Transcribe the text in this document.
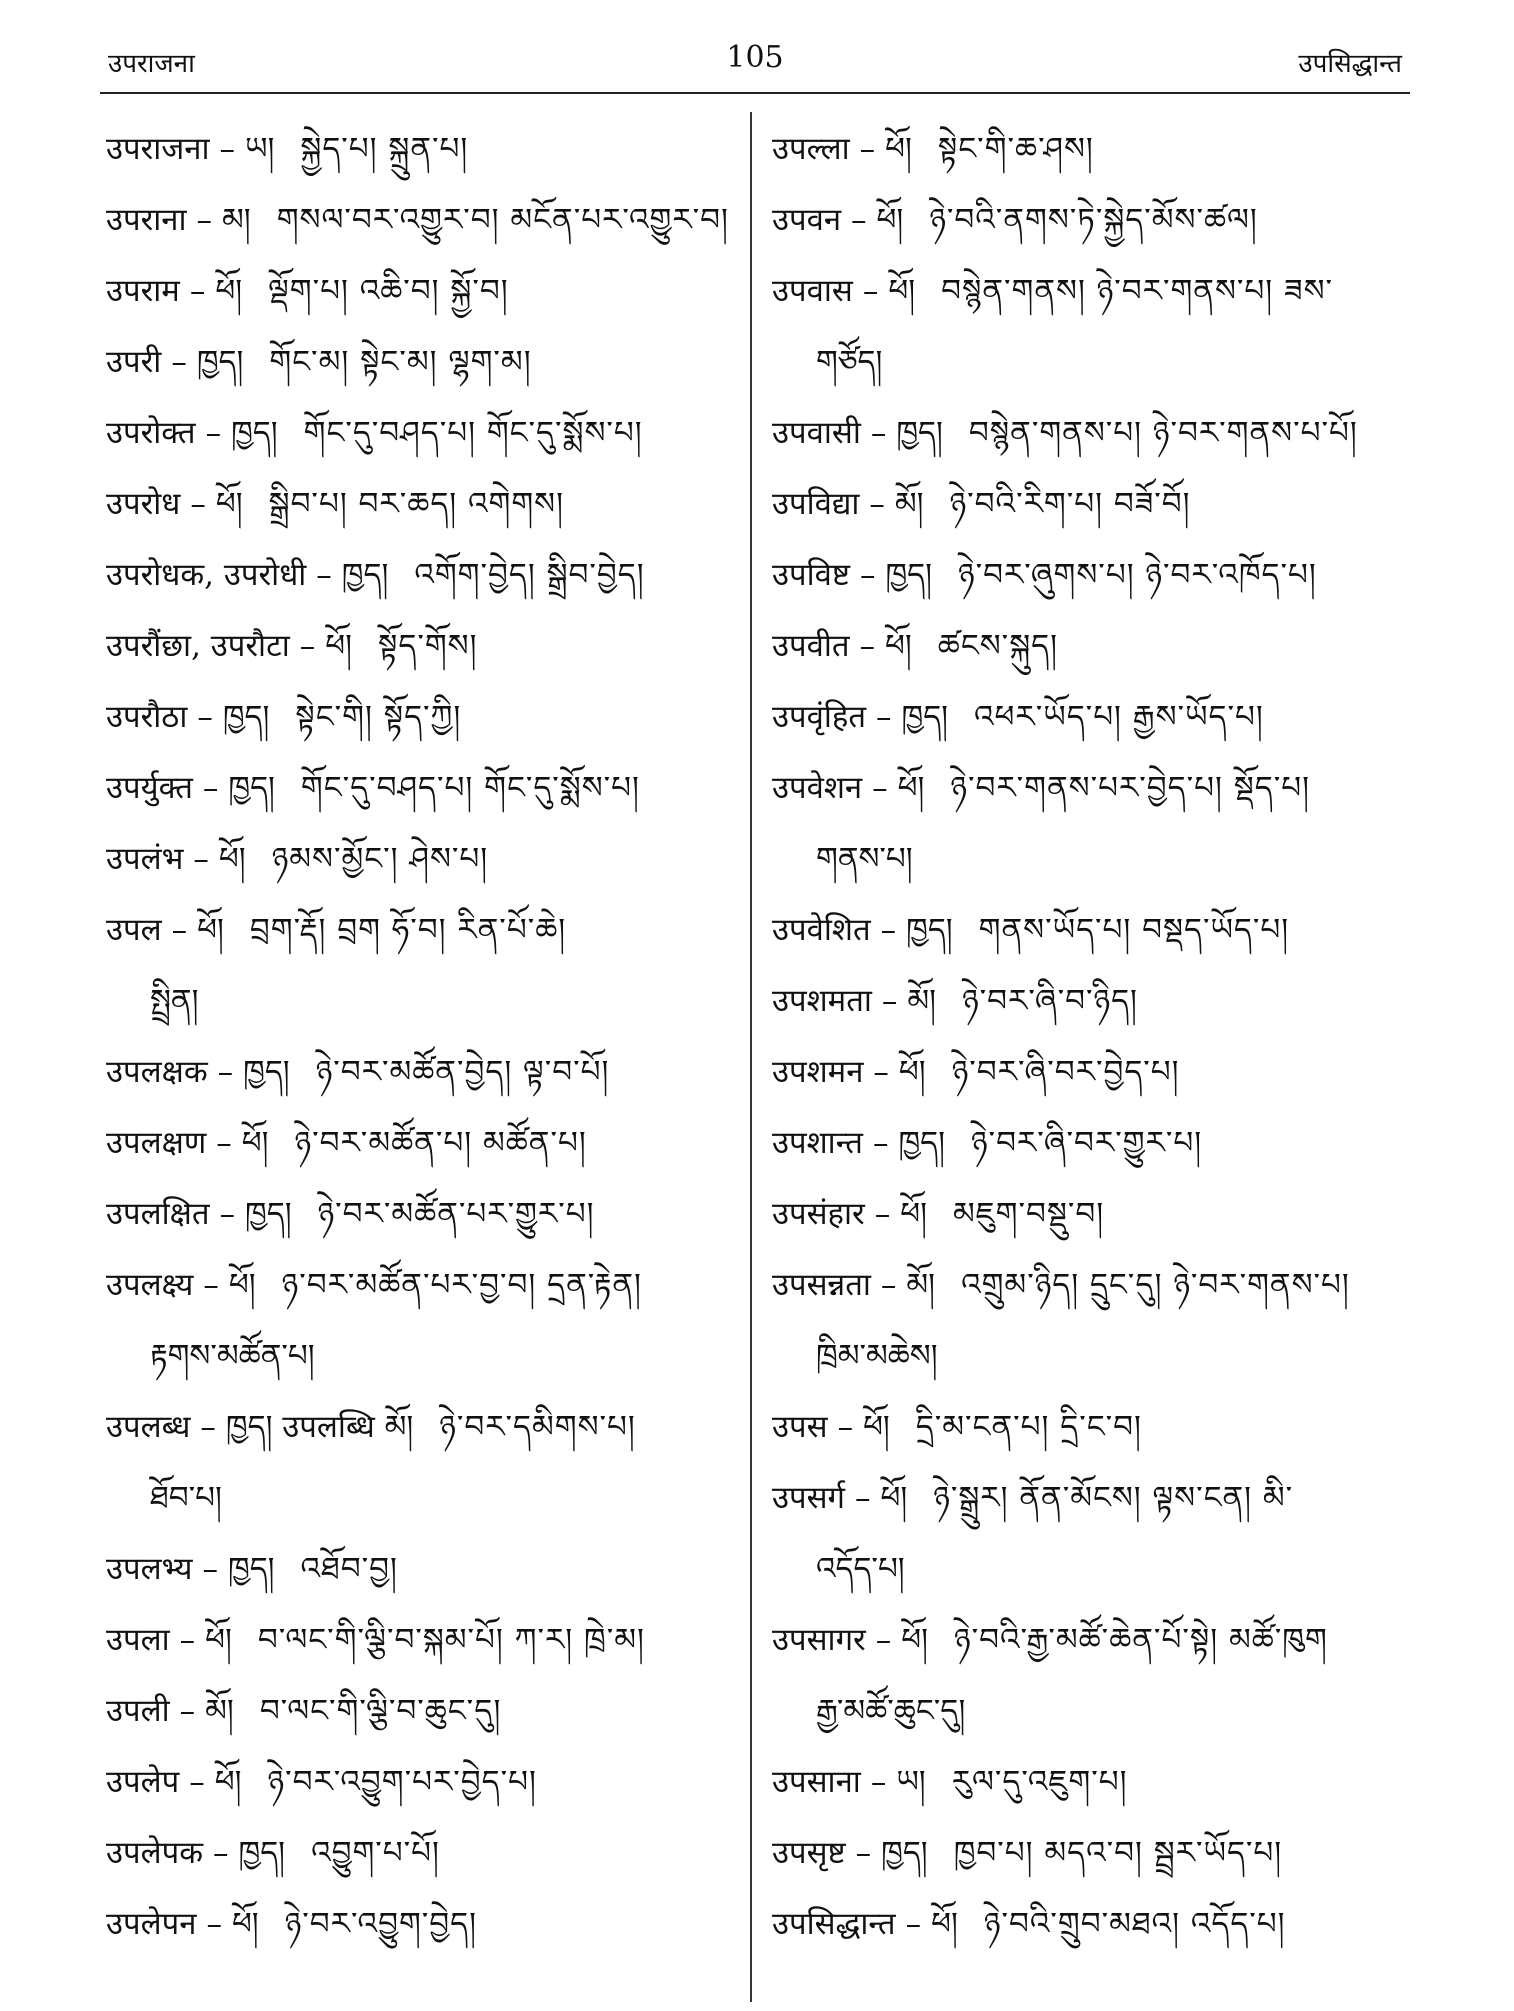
उपराजना	105	उपसिद्धान्त
उपराजना – ཡ། སྐྱེད་པ། སྐྲུན་པ།
उपराना – མ། གསལ་བར་འགྱུར་བ། མངོན་པར་འགྱུར་བ།
उपराम – ཕོ། ལྡོག་པ། འཆི་བ། སྐྱོ་བ།
उपरी – ཁྱད། གོང་མ། སྟེང་མ། ལྷག་མ།
उपरोक्त – ཁྱད། གོང་དུ་བཤད་པ། གོང་དུ་སྨོས་པ།
उपरोध – ཕོ། སྒྲིབ་པ། བར་ཆད། འགེགས།
उपरोधक, उपरोधी – ཁྱད། འགོག་བྱེད། སྒྲིབ་བྱེད།
उपरौंछा, उपरौटा – ཕོ། སྟོད་གོས།
उपरौठा – ཁྱད། སྟེང་གི། སྟོད་ཀྱི།
उपर्युक्त – ཁྱད། གོང་དུ་བཤད་པ། གོང་དུ་སྨོས་པ།
उपलंभ – ཕོ། ཉམས་མྱོང་། ཤེས་པ།
उपल – ཕོ། བྲག་རྡོ། བྲག ཧོ་བ། རིན་པོ་ཆེ།
སྤྲིན།
उपलक्षक – ཁྱད། ཉེ་བར་མཚོན་བྱེད། ལྟ་བ་པོ།
उपलक्षण – ཕོ། ཉེ་བར་མཚོན་པ། མཚོན་པ།
उपलक्षित – ཁྱད། ཉེ་བར་མཚོན་པར་གྱུར་པ།
उपलक्ष्य – ཕོ། ཉ་བར་མཚོན་པར་བྱ་བ། དྲན་རྟེན།
རྟགས་མཚོན་པ།
उपलब्ध – ཁྱད། उपलब्धि མོ། ཉེ་བར་དམིགས་པ།
ཐོབ་པ།
उपलभ्य – ཁྱད། འཐོབ་བྱ།
उपला – ཕོ། བ་ལང་གི་ལྕི་བ་སྐམ་པོ། ཀ་ར། ཁྲེ་མ།
उपली – མོ། བ་ལང་གི་ལྕི་བ་ཆུང་དུ།
उपलेप – ཕོ། ཉེ་བར་འབྱུག་པར་བྱེད་པ།
उपलेपक – ཁྱད། འབྱུག་པ་པོ།
उपलेपन – ཕོ། ཉེ་བར་འབྱུག་བྱེད།
उपल्ला – ཕོ། སྟེང་གི་ཆ་ཤས།
उपवन – ཕོ། ཉེ་བའི་ནགས་ཏེ་སྐྱེད་མོས་ཚལ།
उपवास – ཕོ། བསྙེན་གནས། ཉེ་བར་གནས་པ། ཟས་
གཙོད།
उपवासी – ཁྱད། བསྙེན་གནས་པ། ཉེ་བར་གནས་པ་པོ།
उपविद्या – མོ། ཉེ་བའི་རིག་པ། བཟོ་བོ།
उपविष्ट – ཁྱད། ཉེ་བར་ཞུགས་པ། ཉེ་བར་འཁོད་པ།
उपवीत – ཕོ། ཚངས་སྐུད།
उपवृंहित – ཁྱད། འཕར་ཡོད་པ། རྒྱས་ཡོད་པ།
उपवेशन – ཕོ། ཉེ་བར་གནས་པར་བྱེད་པ། སྡོད་པ།
གནས་པ།
उपवेशित – ཁྱད། གནས་ཡོད་པ། བསྡད་ཡོད་པ།
उपशमता – མོ། ཉེ་བར་ཞི་བ་ཉིད།
उपशमन – ཕོ། ཉེ་བར་ཞི་བར་བྱེད་པ།
उपशान्त – ཁྱད། ཉེ་བར་ཞི་བར་གྱུར་པ།
उपसंहार – ཕོ། མཇུག་བསྡུ་བ།
उपसन्नता – མོ། འགྲུམ་ཉིད། དྲུང་དུ། ཉེ་བར་གནས་པ།
ཁྲིམ་མཆེས།
उपस – ཕོ། དྲི་མ་ངན་པ། དྲི་ང་བ།
उपसर्ग – ཕོ། ཉེ་སྒྲུར། ནོན་མོངས། ལྟས་ངན། མི་
འདོད་པ།
उपसागर – ཕོ། ཉེ་བའི་རྒྱ་མཚོ་ཆེན་པོ་སྟེ། མཚོ་ཁུག
རྒྱ་མཚོ་ཆུང་དུ།
उपसाना – ཡ། རུལ་དུ་འཇུག་པ།
उपसृष्ट – ཁྱད། ཁྱབ་པ། མདའ་བ། སྦྲར་ཡོད་པ།
उपसिद्धान्त – ཕོ། ཉེ་བའི་གྲུབ་མཐའ། འདོད་པ།
